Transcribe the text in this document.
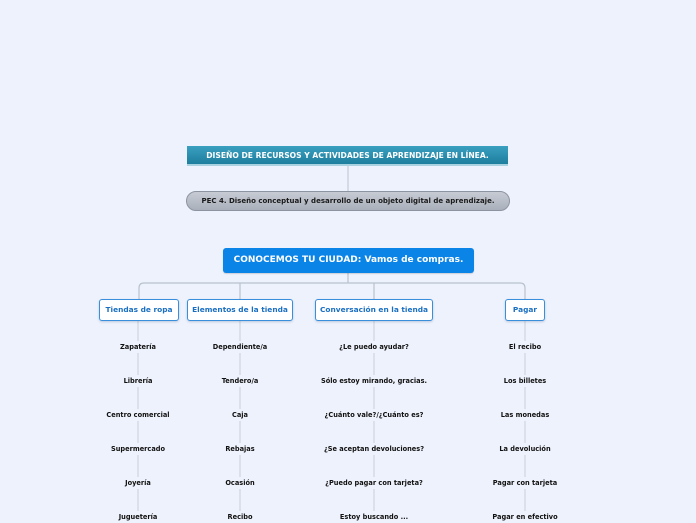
DISEÑO DE RECURSOS Y ACTIVIDADES DE APRENDIZAJE EN LÍNEA.
PEC 4. Diseño conceptual y desarrollo de un objeto digital de aprendizaje.
CONOCEMOS TU CIUDAD: Vamos de compras.
Tiendas de ropa	Elementos de la tienda	Conversación en la tienda	Pagar
Zapatería
Librería
Centro comercial
Supermercado
Joyería
Juguetería
Dependiente/a
Tendero/a
Caja
Rebajas
Ocasión
Recibo
¿Le puedo ayudar?
Sólo estoy mirando, gracias.
¿Cuánto vale?/¿Cuánto es?
¿Se aceptan devoluciones?
¿Puedo pagar con tarjeta?
Estoy buscando ...
El recibo
Los billetes
Las monedas
La devolución
Pagar con tarjeta
Pagar en efectivo
